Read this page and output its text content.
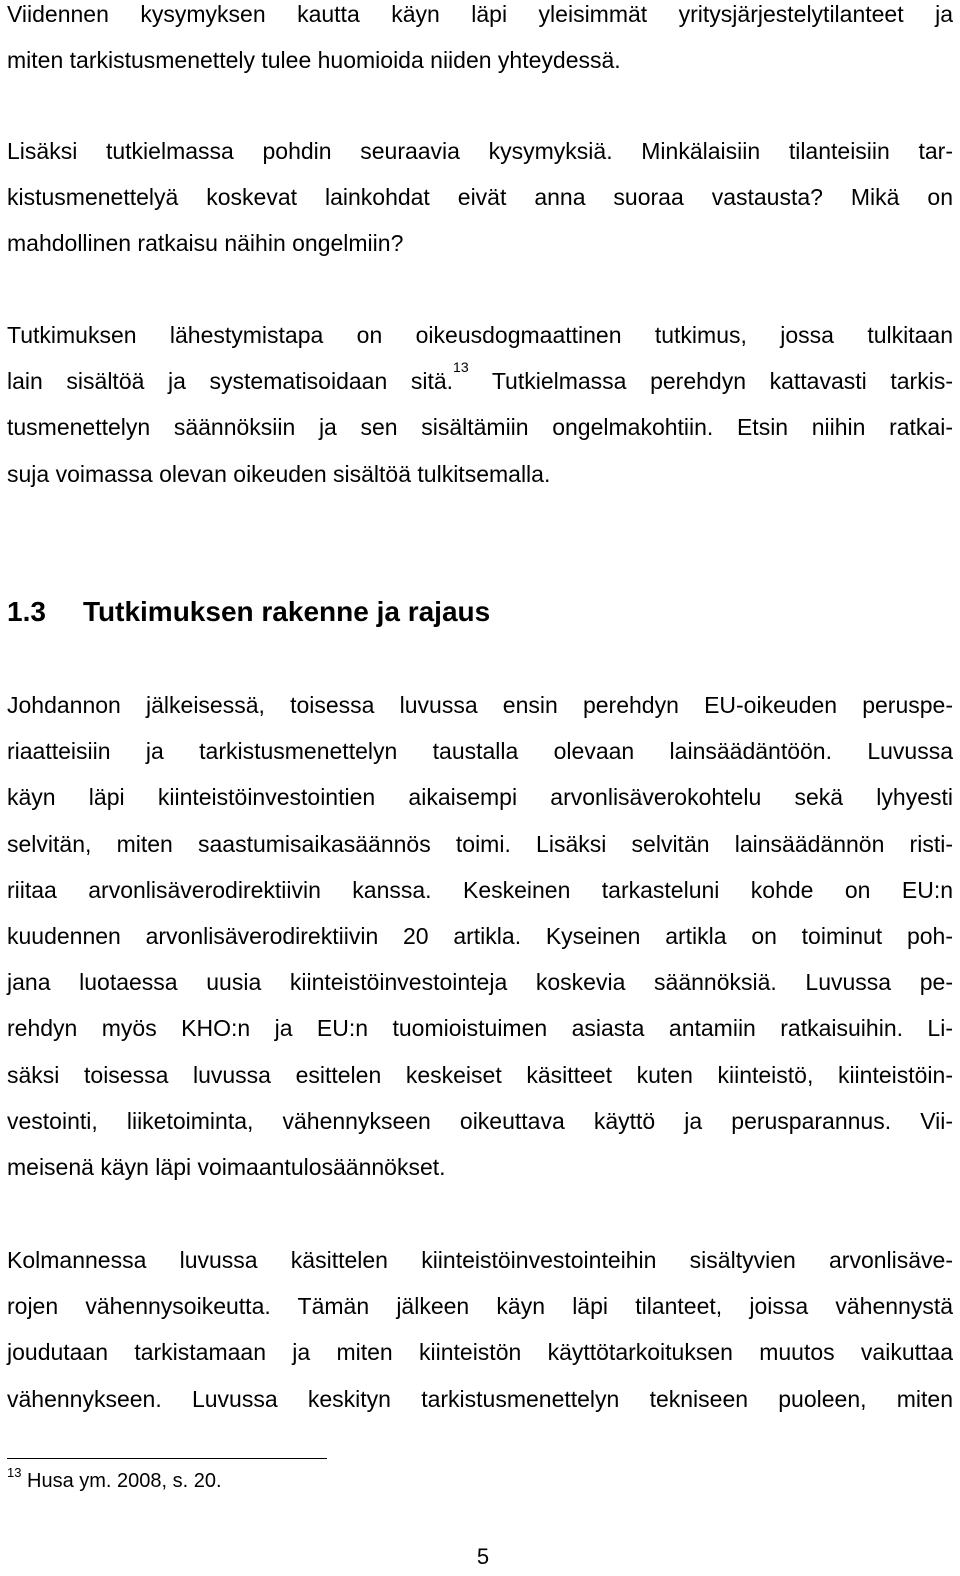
Viidennen kysymyksen kautta käyn läpi yleisimmät yritysjärjestelytilanteet ja
miten tarkistusmenettely tulee huomioida niiden yhteydessä.

Lisäksi tutkielmassa pohdin seuraavia kysymyksiä. Minkälaisiin tilanteisiin tar-
kistusmenettelyä koskevat lainkohdat eivät anna suoraa vastausta? Mikä on
mahdollinen ratkaisu näihin ongelmiin?

Tutkimuksen lähestymistapa on oikeusdogmaattinen tutkimus, jossa tulkitaan
lain sisältöä ja systematisoidaan sitä.$^{13}$ Tutkielmassa perehdyn kattavasti tarkis-
tusmenettelyn säännöksiin ja sen sisältämiin ongelmakohtiin. Etsin niihin ratkai-
suja voimassa olevan oikeuden sisältöä tulkitsemalla.

1.3 Tutkimuksen rakenne ja rajaus

Johdannon jälkeisessä, toisessa luvussa ensin perehdyn EU-oikeuden peruspe-
riaatteisiin ja tarkistusmenettelyn taustalla olevaan lainsäädäntöön. Luvussa
käyn läpi kiinteistöinvestointien aikaisempi arvonlisäverokohtelu sekä lyhyesti
selvitän, miten saastumisaikasäännös toimi. Lisäksi selvitän lainsäädännön risti-
riitaa arvonlisäverodirektiivin kanssa. Keskeinen tarkasteluni kohde on EU:n
kuudennen arvonlisäverodirektiivin 20 artikla. Kyseinen artikla on toiminut poh-
jana luotaessa uusia kiinteistöinvestointeja koskevia säännöksiä. Luvussa pe-
rehdyn myös KHO:n ja EU:n tuomioistuimen asiasta antamiin ratkaisuihin. Li-
säksi toisessa luvussa esittelen keskeiset käsitteet kuten kiinteistö, kiinteistöin-
vestointi, liiketoiminta, vähennykseen oikeuttava käyttö ja perusparannus. Vii-
meisenä käyn läpi voimaantulosäännökset.

Kolmannessa luvussa käsittelen kiinteistöinvestointeihin sisältyvien arvonlisäve-
rojen vähennysoikeutta. Tämän jälkeen käyn läpi tilanteet, joissa vähennystä
joudutaan tarkistamaan ja miten kiinteistön käyttötarkoituksen muutos vaikuttaa
vähennykseen. Luvussa keskityn tarkistusmenettelyn tekniseen puoleen, miten

$^{13}$ Husa ym. 2008, s. 20.

5
